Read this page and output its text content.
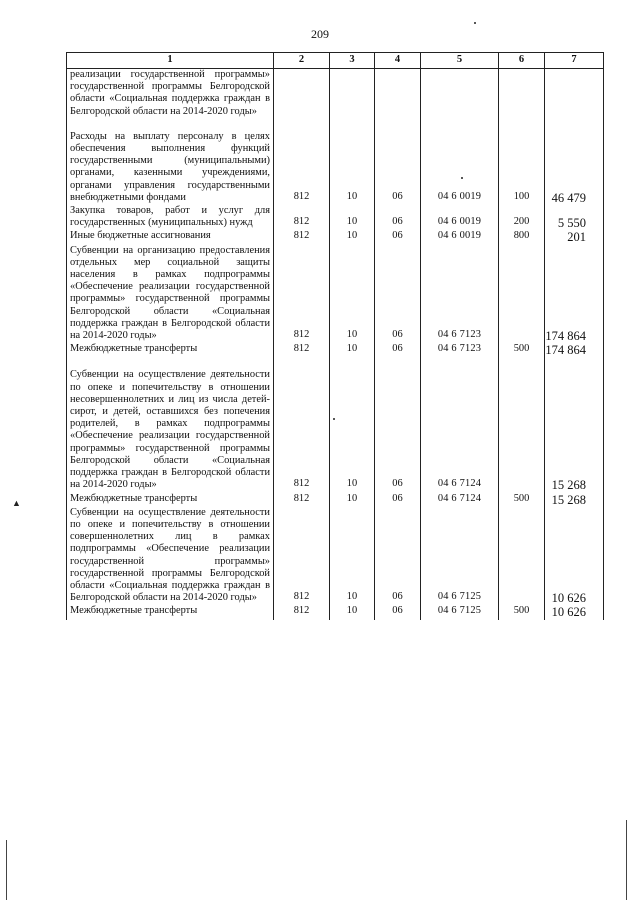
209
1	2	3	4	5	6	7
реализации государственной программы» государственной программы Белгородской области «Социальная поддержка граждан в Белгородской области на 2014-2020 годы»						

Расходы на выплату персоналу в целях обеспечения выполнения функций государственными (муниципальными) органами, казенными учреждениями, органами управления государственными внебюджетными фондами	812	10	06	04 6 0019	100	46 479
Закупка товаров, работ и услуг для государственных (муниципальных) нужд	812	10	06	04 6 0019	200	5 550
Иные бюджетные ассигнования	812	10	06	04 6 0019	800	201
Субвенции на организацию предоставления отдельных мер социальной защиты населения в рамках подпрограммы «Обеспечение реализации государственной программы» государственной программы Белгородской области «Социальная поддержка граждан в Белгородской области на 2014-2020 годы»	812	10	06	04 6 7123		174 864
Межбюджетные трансферты	812	10	06	04 6 7123	500	174 864

Субвенции на осуществление деятельности по опеке и попечительству в отношении несовершеннолетних и лиц из числа детей-сирот, и детей, оставшихся без попечения родителей, в рамках подпрограммы «Обеспечение реализации государственной программы» государственной программы Белгородской области «Социальная поддержка граждан в Белгородской области на 2014-2020 годы»	812	10	06	04 6 7124		15 268
Межбюджетные трансферты	812	10	06	04 6 7124	500	15 268
Субвенции на осуществление деятельности по опеке и попечительству в отношении совершеннолетних лиц в рамках подпрограммы «Обеспечение реализации государственной программы» государственной программы Белгородской области «Социальная поддержка граждан в Белгородской области на 2014-2020 годы»	812	10	06	04 6 7125		10 626
Межбюджетные трансферты	812	10	06	04 6 7125	500	10 626
▲
